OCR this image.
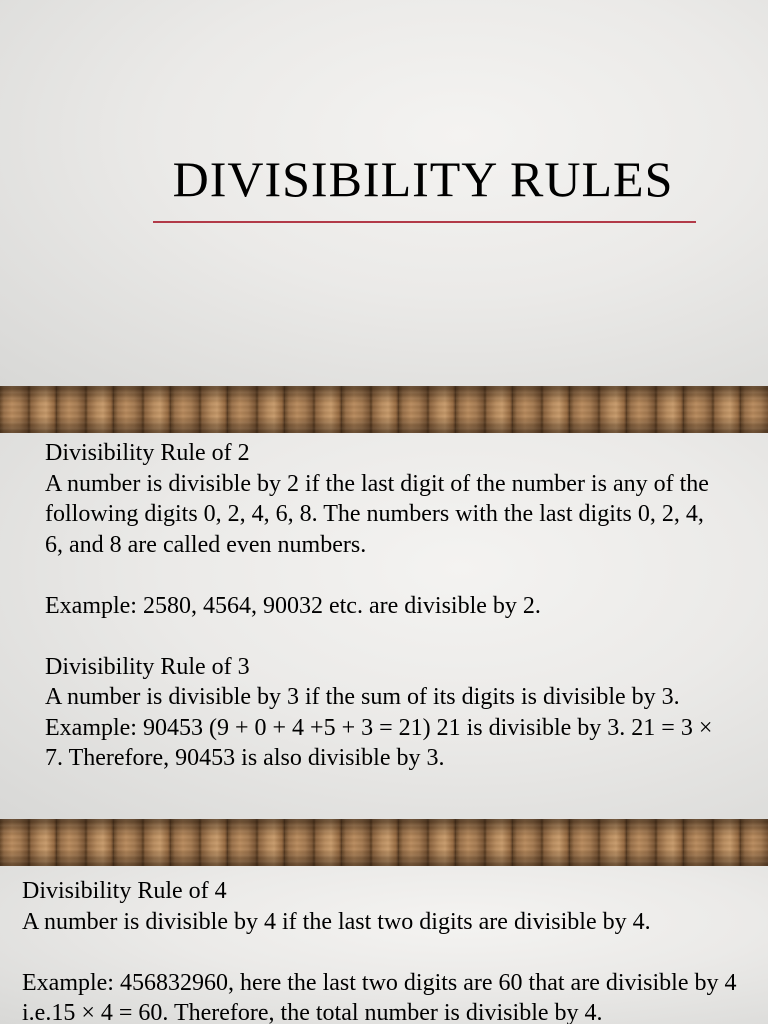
DIVISIBILITY RULES

Divisibility Rule of 2

A number is divisible by 2 if the last digit of the number is any of the following digits 0, 2, 4, 6, 8. The numbers with the last digits 0, 2, 4, 6, and 8 are called even numbers.

Example: 2580, 4564, 90032 etc. are divisible by 2.

Divisibility Rule of 3

A number is divisible by 3 if the sum of its digits is divisible by 3.

Example: 90453 (9 + 0 + 4 +5 + 3 = 21) 21 is divisible by 3. 21 = 3 × 7. Therefore, 90453 is also divisible by 3.

Divisibility Rule of 4

A number is divisible by 4 if the last two digits are divisible by 4.

Example: 456832960, here the last two digits are 60 that are divisible by 4 i.e.15 × 4 = 60. Therefore, the total number is divisible by 4.
